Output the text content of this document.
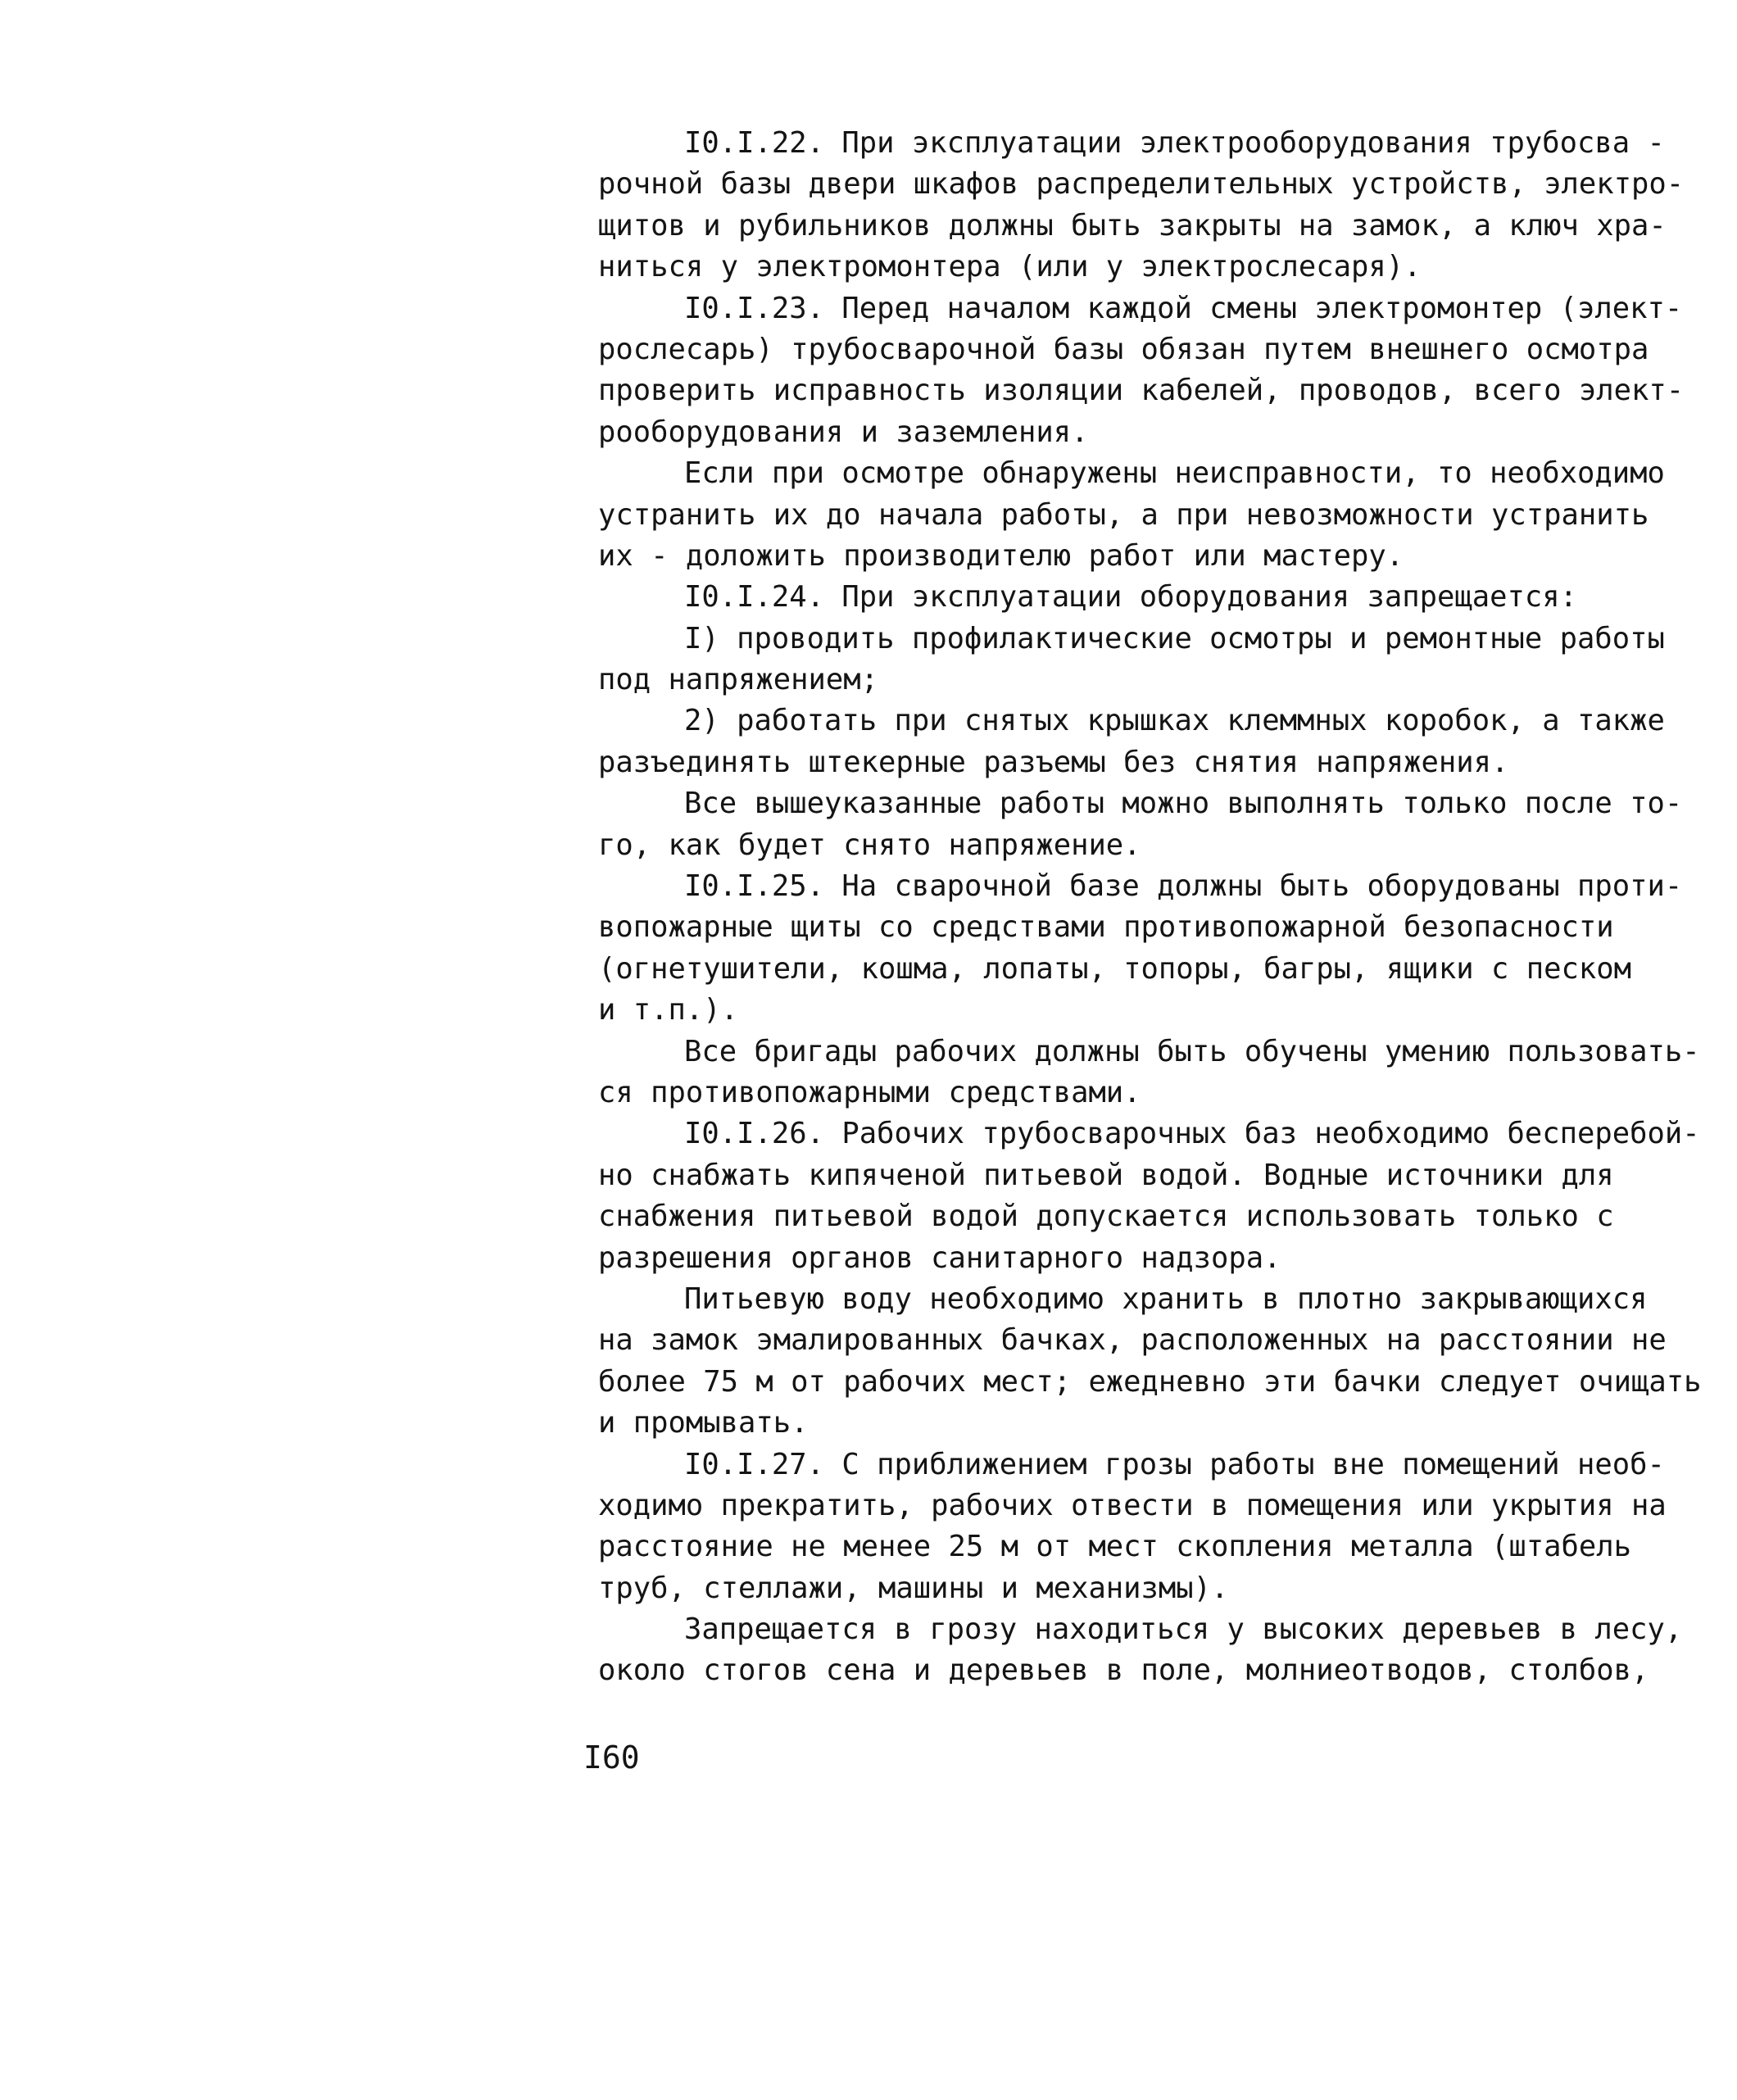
I0.I.22. При эксплуатации электрооборудования трубосва -
рочной базы двери шкафов распределительных устройств, электро-
щитов и рубильников должны быть закрыты на замок, а ключ хра-
ниться у электромонтера (или у электрослесаря).
I0.I.23. Перед началом каждой смены электромонтер (элект-
рослесарь) трубосварочной базы обязан путем внешнего осмотра
проверить исправность изоляции кабелей, проводов, всего элект-
рооборудования и заземления.
Если при осмотре обнаружены неисправности, то необходимо
устранить их до начала работы, а при невозможности устранить
их - доложить производителю работ или мастеру.
I0.I.24. При эксплуатации оборудования запрещается:
I) проводить профилактические осмотры и ремонтные работы
под напряжением;
2) работать при снятых крышках клеммных коробок, а также
разъединять штекерные разъемы без снятия напряжения.
Все вышеуказанные работы можно выполнять только после то-
го, как будет снято напряжение.
I0.I.25. На сварочной базе должны быть оборудованы проти-
вопожарные щиты со средствами противопожарной безопасности
(огнетушители, кошма, лопаты, топоры, багры, ящики с песком
и т.п.).
Все бригады рабочих должны быть обучены умению пользовать-
ся противопожарными средствами.
I0.I.26. Рабочих трубосварочных баз необходимо бесперебой-
но снабжать кипяченой питьевой водой. Водные источники для
снабжения питьевой водой допускается использовать только с
разрешения органов санитарного надзора.
Питьевую воду необходимо хранить в плотно закрывающихся
на замок эмалированных бачках, расположенных на расстоянии не
более 75 м от рабочих мест; ежедневно эти бачки следует очищать
и промывать.
I0.I.27. С приближением грозы работы вне помещений необ-
ходимо прекратить, рабочих отвести в помещения или укрытия на
расстояние не менее 25 м от мест скопления металла (штабель
труб, стеллажи, машины и механизмы).
Запрещается в грозу находиться у высоких деревьев в лесу,
около стогов сена и деревьев в поле, молниеотводов, столбов,
I60
